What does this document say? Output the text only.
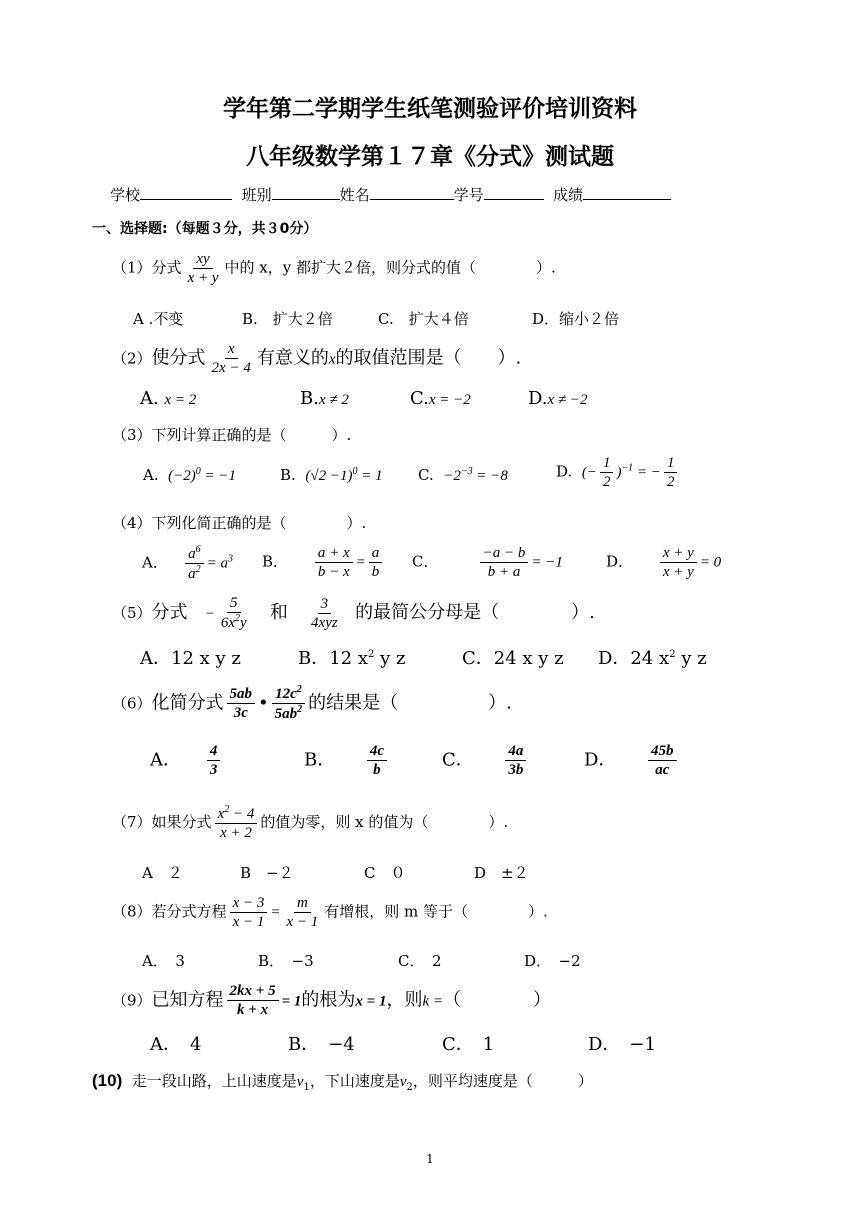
学年第二学期学生纸笔测验评价培训资料
八年级数学第１７章《分式》测试题
学校	班别	姓名	学号	成绩
一、选择题:（每题３分，共３0分）
（1）分式 $\frac{xy}{x + y}$ 中的 x，y 都扩大２倍，则分式的值（　　　　）.
A .不变	B.　扩大２倍	C.　扩大４倍	D．缩小２倍
（2）使分式 $\frac{x}{2x - 4}$ 有意义的x的取值范围是（　　）.
A. x = 2	B.x ≠ 2	C.x = −2	D.x ≠ −2
（3）下列计算正确的是（　　　）.
A. $(-2)^0 = -1$	B. $(√2 -1)^0 = 1$ C. $-2^{-3} = -8$	D. (− $\frac{1}{2} )^{-1}$ = − $\frac{1}{2}$
（4）下列化简正确的是（　　　　）.
A． $\frac{a^6}{a^2} = a^3$ B． $\frac{a + x}{b - x} = \frac{a}{b}$ C．	$\frac{-a - b}{b + a} = -1$	D． $\frac{x + y}{x + y} = 0$
（5）分式 − $\frac{5}{6x^2y}$ 和 $\frac{3}{\text{4xyz}}$ 的最简公分母是（　　　　）.
A．12 x y z	B．12 $x^2$ y z	C．24 x y z D．24 $x^2$ y z
（6）化简分式 $\frac{5ab}{3c}$ • $\frac{12c^2}{5ab^2}$ 的结果是（　　　　　）.
A． $\frac{4}{3}$	B． $\frac{4c}{b}$	C． $\frac{4a}{3b}$	D． $\frac{45b}{ac}$
（7）如果分式 $\frac{x^2 - 4}{x + 2}$ 的值为零，则 x 的值为（　　　　）.
A　２	B　−２	C　０	D　±２
（8）若分式方程 $\frac{x - 3}{x - 1} = \frac{m}{x - 1}$ 有增根，则 m 等于（　　　　）.
A．　3	B．　−3	C．　2	D．　−2
（9）已知方程 $\frac{2kx + 5}{k + x} = 1$的根为x = 1，则k =（　　　　）
A．　4	B．　−4	C．　1	D．　−1
(10) 走一段山路，上山速度是$v_1$，下山速度是$v_2$，则平均速度是（　　　）
1
